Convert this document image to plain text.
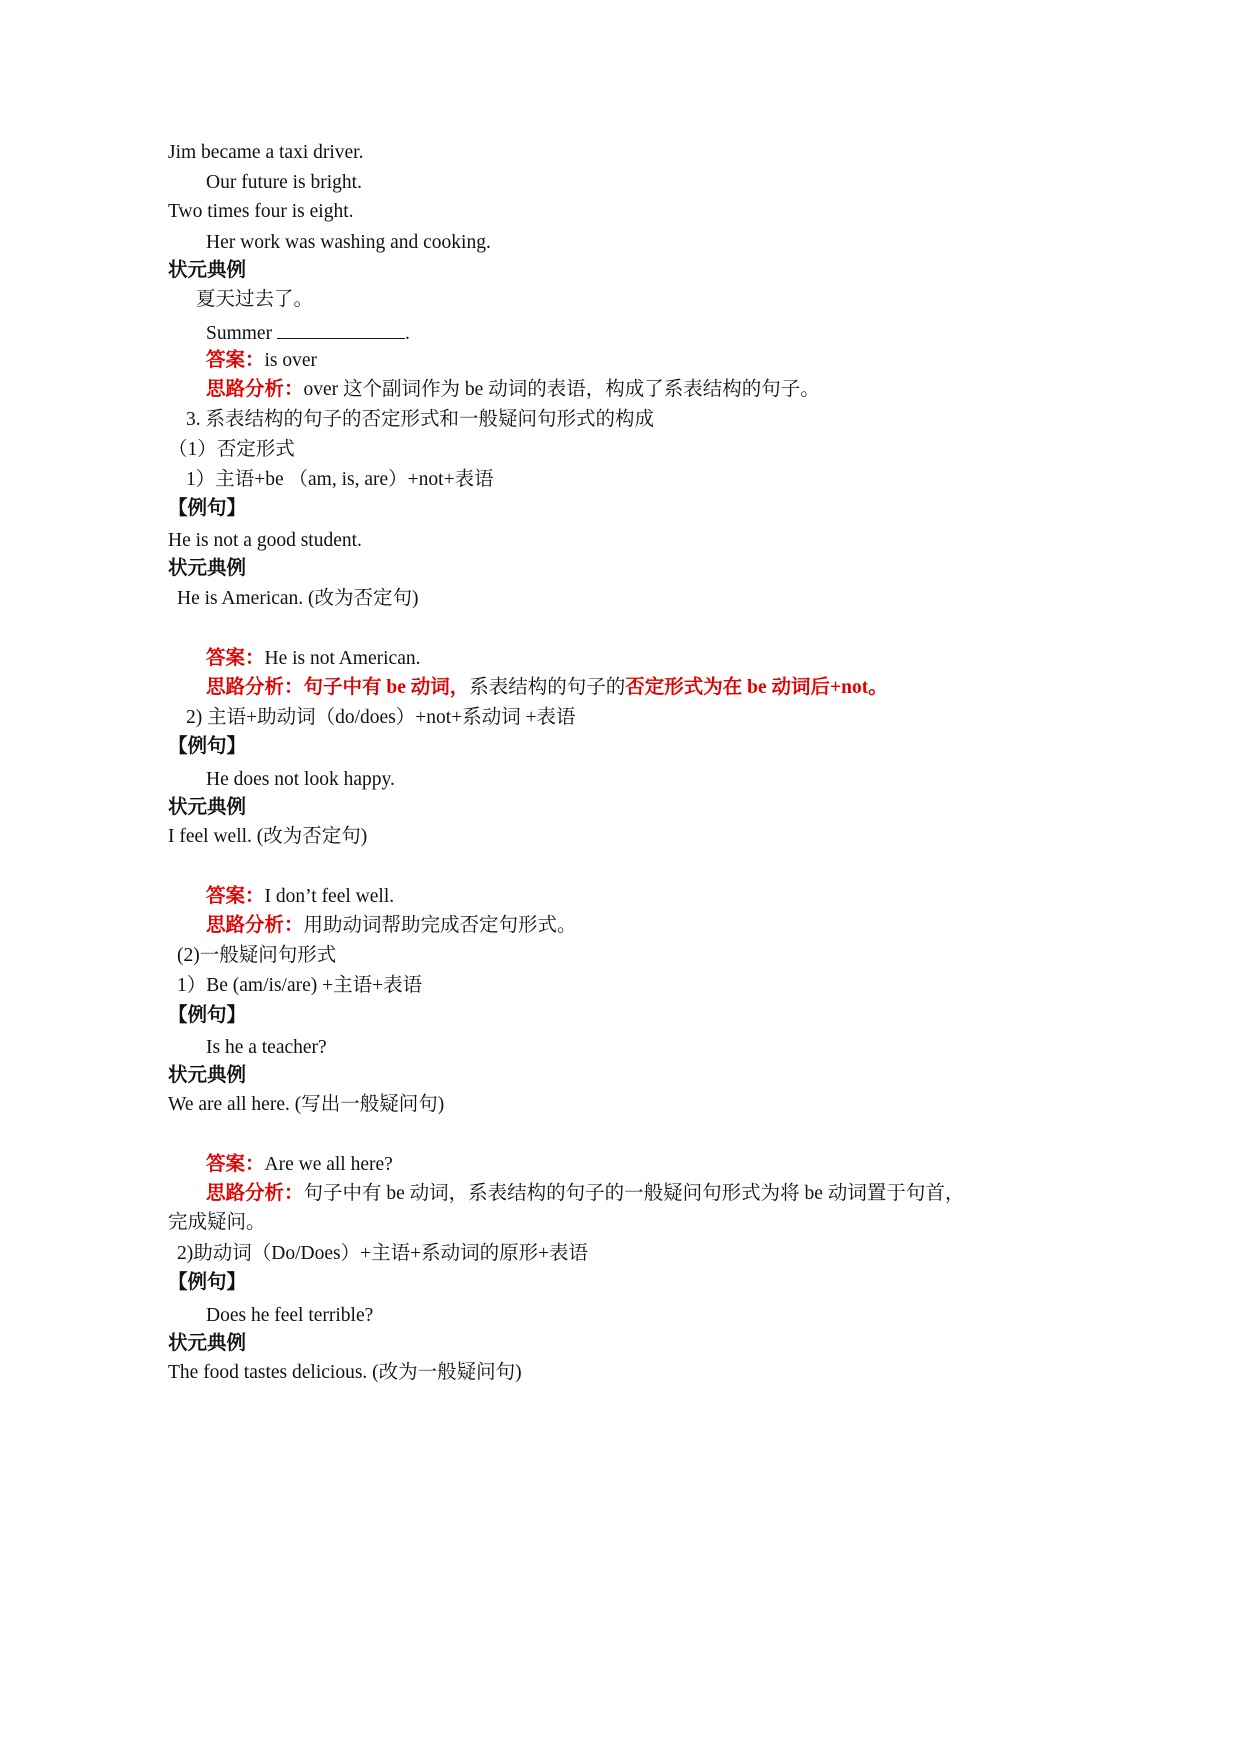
Jim became a taxi driver.
Our future is bright.
Two times four is eight.
Her work was washing and cooking.
状元典例
夏天过去了。
Summer	.
答案：is over
思路分析：over 这个副词作为 be 动词的表语，构成了系表结构的句子。
3. 系表结构的句子的否定形式和一般疑问句形式的构成
（1）否定形式
1）主语+be （am, is, are）+not+表语
【例句】
He is not a good student.
状元典例
He is American. (改为否定句)
答案：He is not American.
思路分析：句子中有 be 动词，系表结构的句子的否定形式为在 be 动词后+not。
2) 主语+助动词（do/does）+not+系动词 +表语
【例句】
He does not look happy.
状元典例
I feel well. (改为否定句)
答案：I don’t feel well.
思路分析：用助动词帮助完成否定句形式。
(2)一般疑问句形式
1）Be (am/is/are) +主语+表语
【例句】
Is he a teacher?
状元典例
We are all here. (写出一般疑问句)
答案：Are we all here?
思路分析：句子中有 be 动词，系表结构的句子的一般疑问句形式为将 be 动词置于句首，
完成疑问。
2)助动词（Do/Does）+主语+系动词的原形+表语
【例句】
Does he feel terrible?
状元典例
The food tastes delicious. (改为一般疑问句)
